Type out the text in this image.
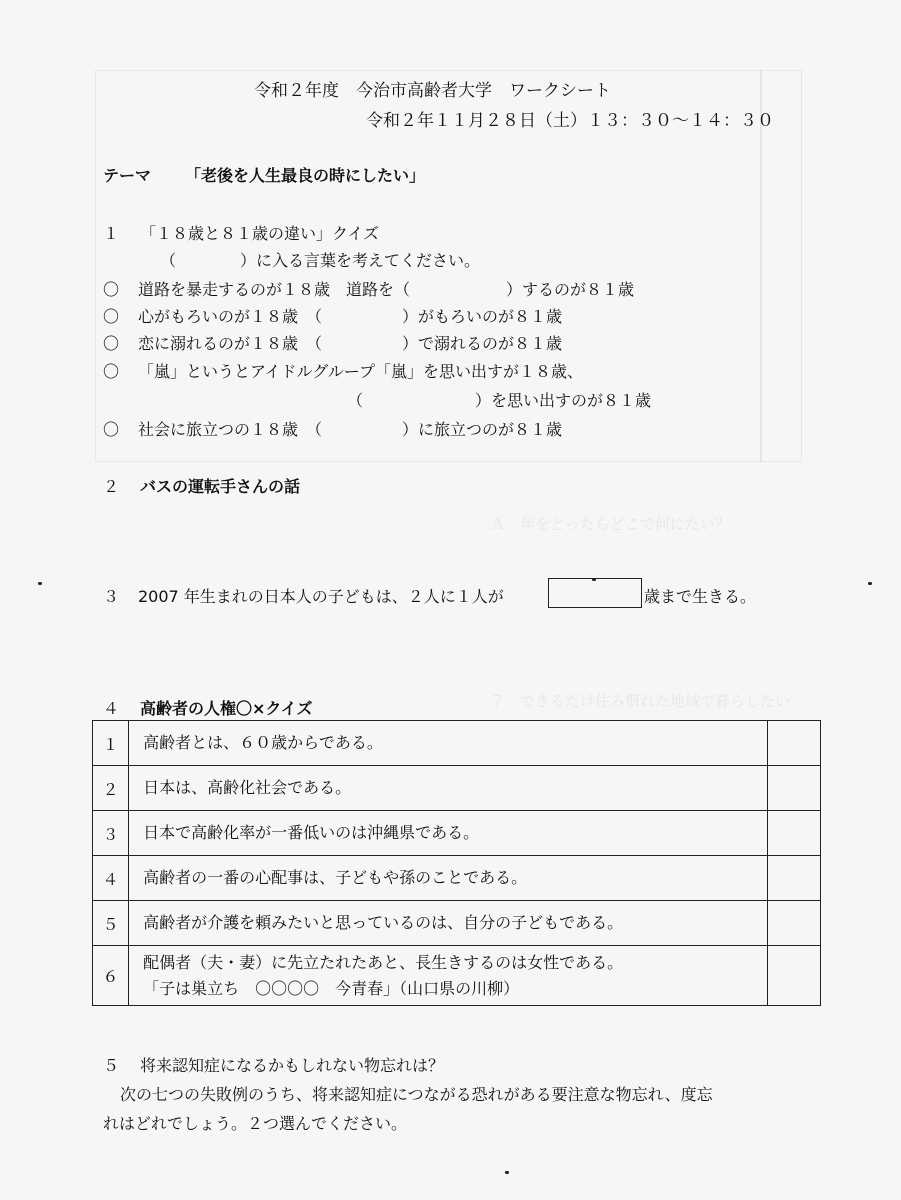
Ａ　年をとったらどこで何にたい？
７　できるだけ住み慣れた地域で暮らしたい
令和２年度　今治市高齢者大学　ワークシート
令和２年１１月２８日（土）１３：３０～１４：３０
テーマ 「老後を人生最良の時にしたい」
１ 「１８歳と８１歳の違い」クイズ
（　　　　）に入る言葉を考えてください。
〇 道路を暴走するのが１８歳　道路を（　　　　　　）するのが８１歳
〇 心がもろいのが１８歳　（　　　　　）がもろいのが８１歳
〇 恋に溺れるのが１８歳　（　　　　　）で溺れるのが８１歳
〇 「嵐」というとアイドルグループ「嵐」を思い出すが１８歳、
（　　　　　　　）を思い出すのが８１歳
〇 社会に旅立つの１８歳　（　　　　　）に旅立つのが８１歳
２ バスの運転手さんの話
３ 2007 年生まれの日本人の子どもは、２人に１人が	歳まで生きる。
４ 高齢者の人権〇×クイズ
１	高齢者とは、６０歳からである。	

２	日本は、高齢化社会である。	

３	日本で高齢化率が一番低いのは沖縄県である。	

４	高齢者の一番の心配事は、子どもや孫のことである。	

５	高齢者が介護を頼みたいと思っているのは、自分の子どもである。	

６	配偶者（夫・妻）に先立たれたあと、長生きするのは女性である。
「子は巣立ち　〇〇〇〇　今青春」（山口県の川柳）	

５ 将来認知症になるかもしれない物忘れは？
次の七つの失敗例のうち、将来認知症につながる恐れがある要注意な物忘れ、度忘
れはどれでしょう。２つ選んでください。
